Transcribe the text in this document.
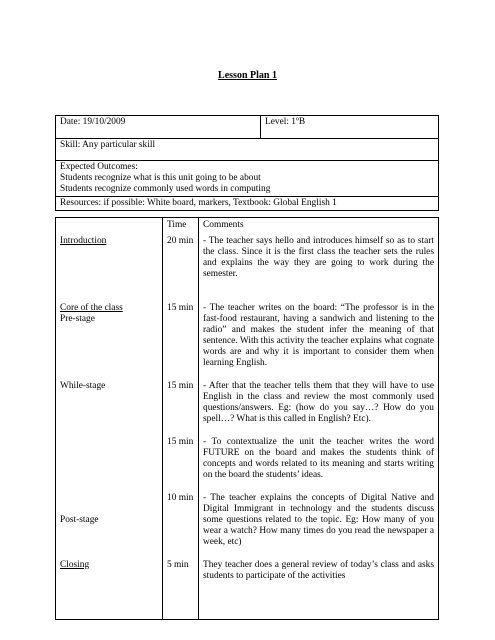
Lesson Plan 1
Date: 19/10/2009	Level: 1ºB
Skill: Any particular skill

Expected Outcomes:
Students recognize what is this unit going to be about
Students recognize commonly used words in computing

Resources: if possible: White board, markers, Textbook: Global English 1
	Time	Comments
Introduction	20 min	- The teacher says hello and introduces himself so as to start the class. Since it is the first class the teacher sets the rules and explains the way they are going to work during the semester.

Core of the class
Pre-stage	15 min	- The teacher writes on the board: “The professor is in the fast-food restaurant, having a sandwich and listening to the radio” and makes the student infer the meaning of that sentence. With this activity the teacher explains what cognate words are and why it is important to consider them when learning English.
While-stage	15 min	- After that the teacher tells them that they will have to use English in the class and review the most commonly used questions/answers. Eg: (how do you say…? How do you spell…? What is this called in English? Etc).
	15 min	- To contextualize the unit the teacher writes the word FUTURE on the board and makes the students think of concepts and words related to its meaning and starts writing on the board the students’ ideas.

Post-stage	10 min	- The teacher explains the concepts of Digital Native and Digital Immigrant in technology and the students discuss some questions related to the topic. Eg: How many of you wear a watch? How many times do you read the newspaper a week, etc)
Closing	5 min	They teacher does a general review of today’s class and asks students to participate of the activities
